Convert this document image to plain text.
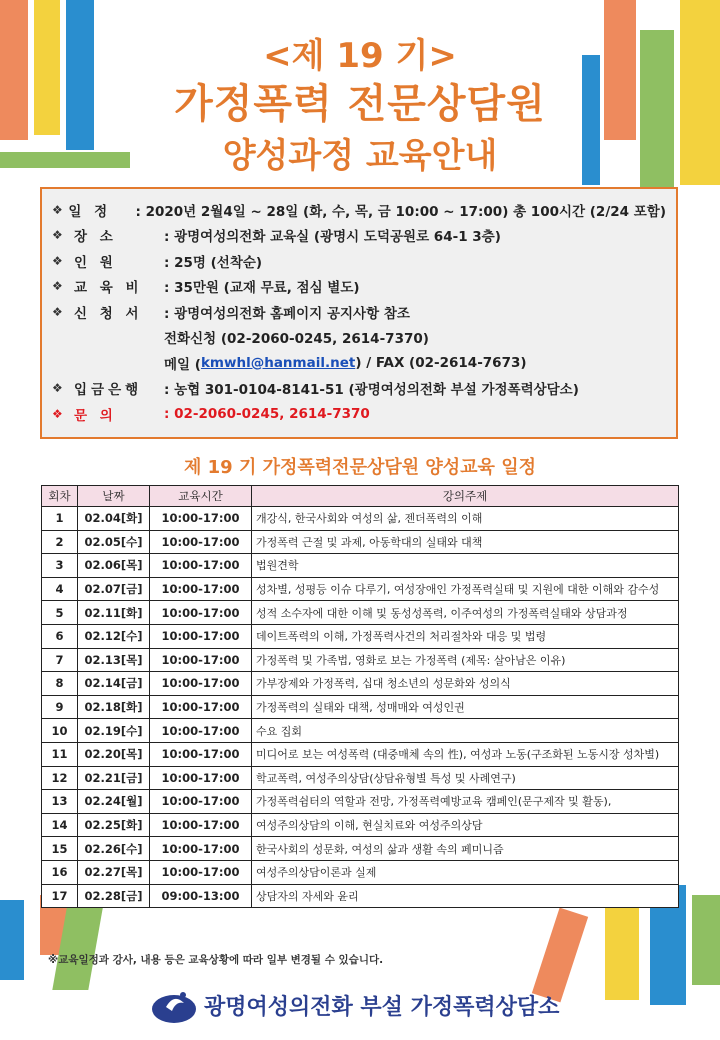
<제 19 기>
가정폭력 전문상담원
양성과정 교육안내
❖ 일 정	: 2020년 2월4일 ~ 28일 (화, 수, 목, 금 10:00 ~ 17:00) 총 100시간 (2/24 포함)
❖ 장 소	: 광명여성의전화 교육실 (광명시 도덕공원로 64-1 3층)
❖ 인 원	: 25명 (선착순)
❖ 교 육 비	: 35만원 (교재 무료, 점심 별도)
❖ 신 청 서	: 광명여성의전화 홈페이지 공지사항 참조
전화신청 (02-2060-0245, 2614-7370)
메일 ( kmwhl@hanmail.net ) / FAX (02-2614-7673)
❖ 입금은행	: 농협 301-0104-8141-51 (광명여성의전화 부설 가정폭력상담소)
❖ 문 의	: 02-2060-0245, 2614-7370
제 19 기 가정폭력전문상담원 양성교육 일정
회차	날짜	교육시간	강의주제
1	02.04[화]	10:00-17:00	개강식, 한국사회와 여성의 삶, 젠더폭력의 이해
2	02.05[수]	10:00-17:00	가정폭력 근절 및 과제, 아동학대의 실태와 대책
3	02.06[목]	10:00-17:00	법원견학
4	02.07[금]	10:00-17:00	성차별, 성평등 이슈 다루기, 여성장애인 가정폭력실태 및 지원에 대한 이해와 감수성
5	02.11[화]	10:00-17:00	성적 소수자에 대한 이해 및 동성성폭력, 이주여성의 가정폭력실태와 상담과정
6	02.12[수]	10:00-17:00	데이트폭력의 이해, 가정폭력사건의 처리절차와 대응 및 법령
7	02.13[목]	10:00-17:00	가정폭력 및 가족법, 영화로 보는 가정폭력 (제목: 살아남은 이유)
8	02.14[금]	10:00-17:00	가부장제와 가정폭력, 십대 청소년의 성문화와 성의식
9	02.18[화]	10:00-17:00	가정폭력의 실태와 대책, 성매매와 여성인권
10	02.19[수]	10:00-17:00	수요 집회
11	02.20[목]	10:00-17:00	미디어로 보는 여성폭력 (대중매체 속의 性), 여성과 노동(구조화된 노동시장 성차별)
12	02.21[금]	10:00-17:00	학교폭력, 여성주의상담(상담유형별 특성 및 사례연구)
13	02.24[월]	10:00-17:00	가정폭력쉼터의 역할과 전망, 가정폭력예방교육 캠페인(문구제작 및 활동),
14	02.25[화]	10:00-17:00	여성주의상담의 이해, 현실치료와 여성주의상담
15	02.26[수]	10:00-17:00	한국사회의 성문화, 여성의 삶과 생활 속의 페미니즘
16	02.27[목]	10:00-17:00	여성주의상담이론과 실제
17	02.28[금]	09:00-13:00	상담자의 자세와 윤리
※교육일정과 강사, 내용 등은 교육상황에 따라 일부 변경될 수 있습니다.
광명여성의전화 부설 가정폭력상담소
